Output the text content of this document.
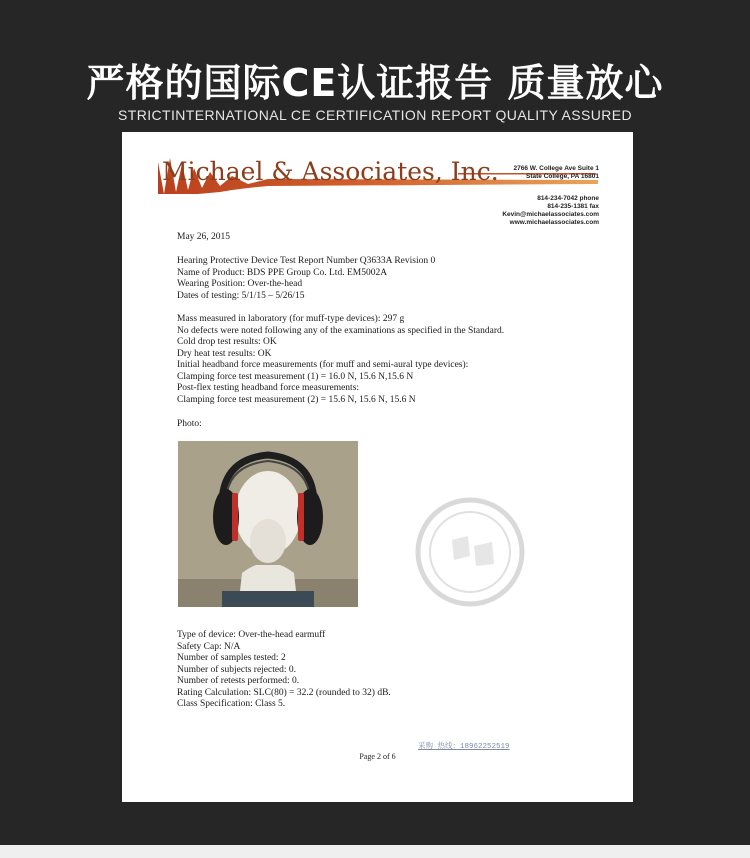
严格的国际CE认证报告 质量放心
STRICTINTERNATIONAL CE CERTIFICATION REPORT QUALITY ASSURED
Michael & Associates, Inc. 2766 W. College Ave Suite 1
State College, PA 16801
814-234-7042 phone
814-235-1381 fax
Kevin@michaelassociates.com
www.michaelassociates.com
May 26, 2015
Hearing Protective Device Test Report Number Q3633A Revision 0
Name of Product: BDS PPE Group Co. Ltd. EM5002A
Wearing Position: Over-the-head
Dates of testing: 5/1/15 – 5/26/15
Mass measured in laboratory (for muff-type devices): 297 g
No defects were noted following any of the examinations as specified in the Standard.
Cold drop test results: OK
Dry heat test results: OK
Initial headband force measurements (for muff and semi-aural type devices):
Clamping force test measurement (1) = 16.0 N, 15.6 N,15.6 N
Post-flex testing headband force measurements:
Clamping force test measurement (2) = 15.6 N, 15.6 N, 15.6 N
Photo:
Type of device: Over-the-head earmuff
Safety Cap: N/A
Number of samples tested: 2
Number of subjects rejected: 0.
Number of retests performed: 0.
Rating Calculation: SLC(80) = 32.2 (rounded to 32) dB.
Class Specification: Class 5.
采购 热线：18962252519
Page 2 of 6
